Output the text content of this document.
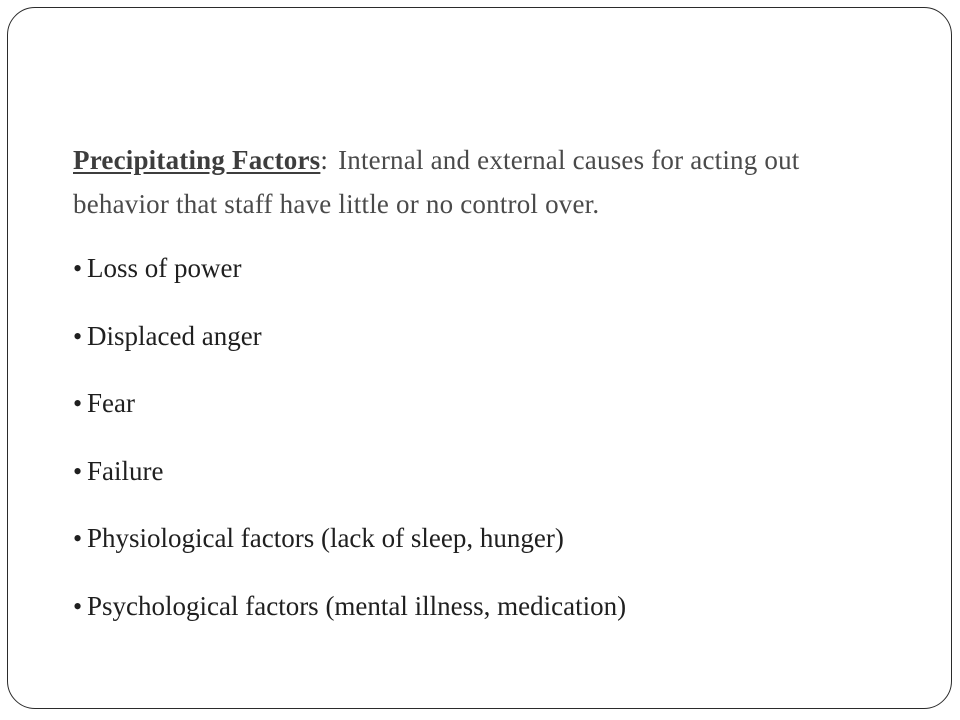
Precipitating Factors: Internal and external causes for acting out behavior that staff have little or no control over.

• Loss of power
• Displaced anger
• Fear
• Failure
• Physiological factors (lack of sleep, hunger)
• Psychological factors (mental illness, medication)
